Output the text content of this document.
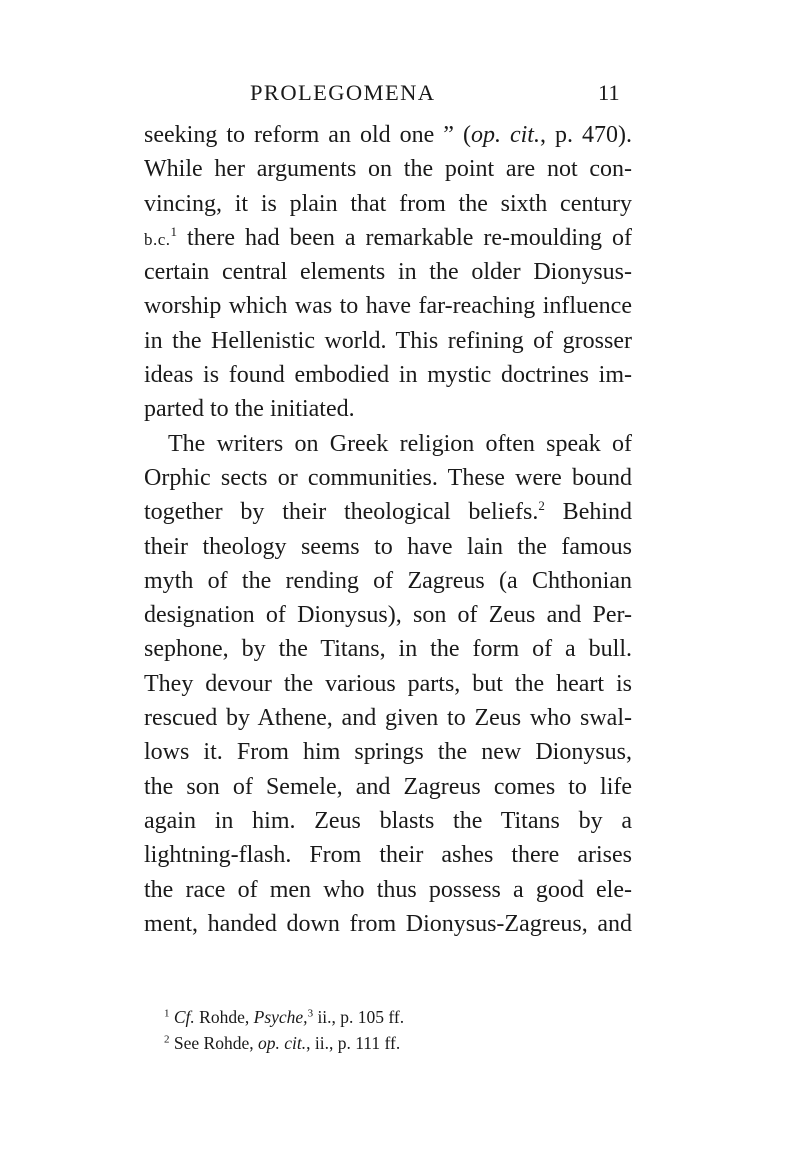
PROLEGOMENA	11
seeking to reform an old one ” (op. cit., p. 470).
While her arguments on the point are not con-
vincing, it is plain that from the sixth century
b.c.$^1$ there had been a remarkable re-moulding of
certain central elements in the older Dionysus-
worship which was to have far-reaching influence
in the Hellenistic world. This refining of grosser
ideas is found embodied in mystic doctrines im-
parted to the initiated.
The writers on Greek religion often speak of
Orphic sects or communities. These were bound
together by their theological beliefs.$^2$ Behind
their theology seems to have lain the famous
myth of the rending of Zagreus (a Chthonian
designation of Dionysus), son of Zeus and Per-
sephone, by the Titans, in the form of a bull.
They devour the various parts, but the heart is
rescued by Athene, and given to Zeus who swal-
lows it. From him springs the new Dionysus,
the son of Semele, and Zagreus comes to life
again in him. Zeus blasts the Titans by a
lightning-flash. From their ashes there arises
the race of men who thus possess a good ele-
ment, handed down from Dionysus-Zagreus, and
$^1$ Cf. Rohde, Psyche,$^3$ ii., p. 105 ff.
$^2$ See Rohde, op. cit., ii., p. 111 ff.
